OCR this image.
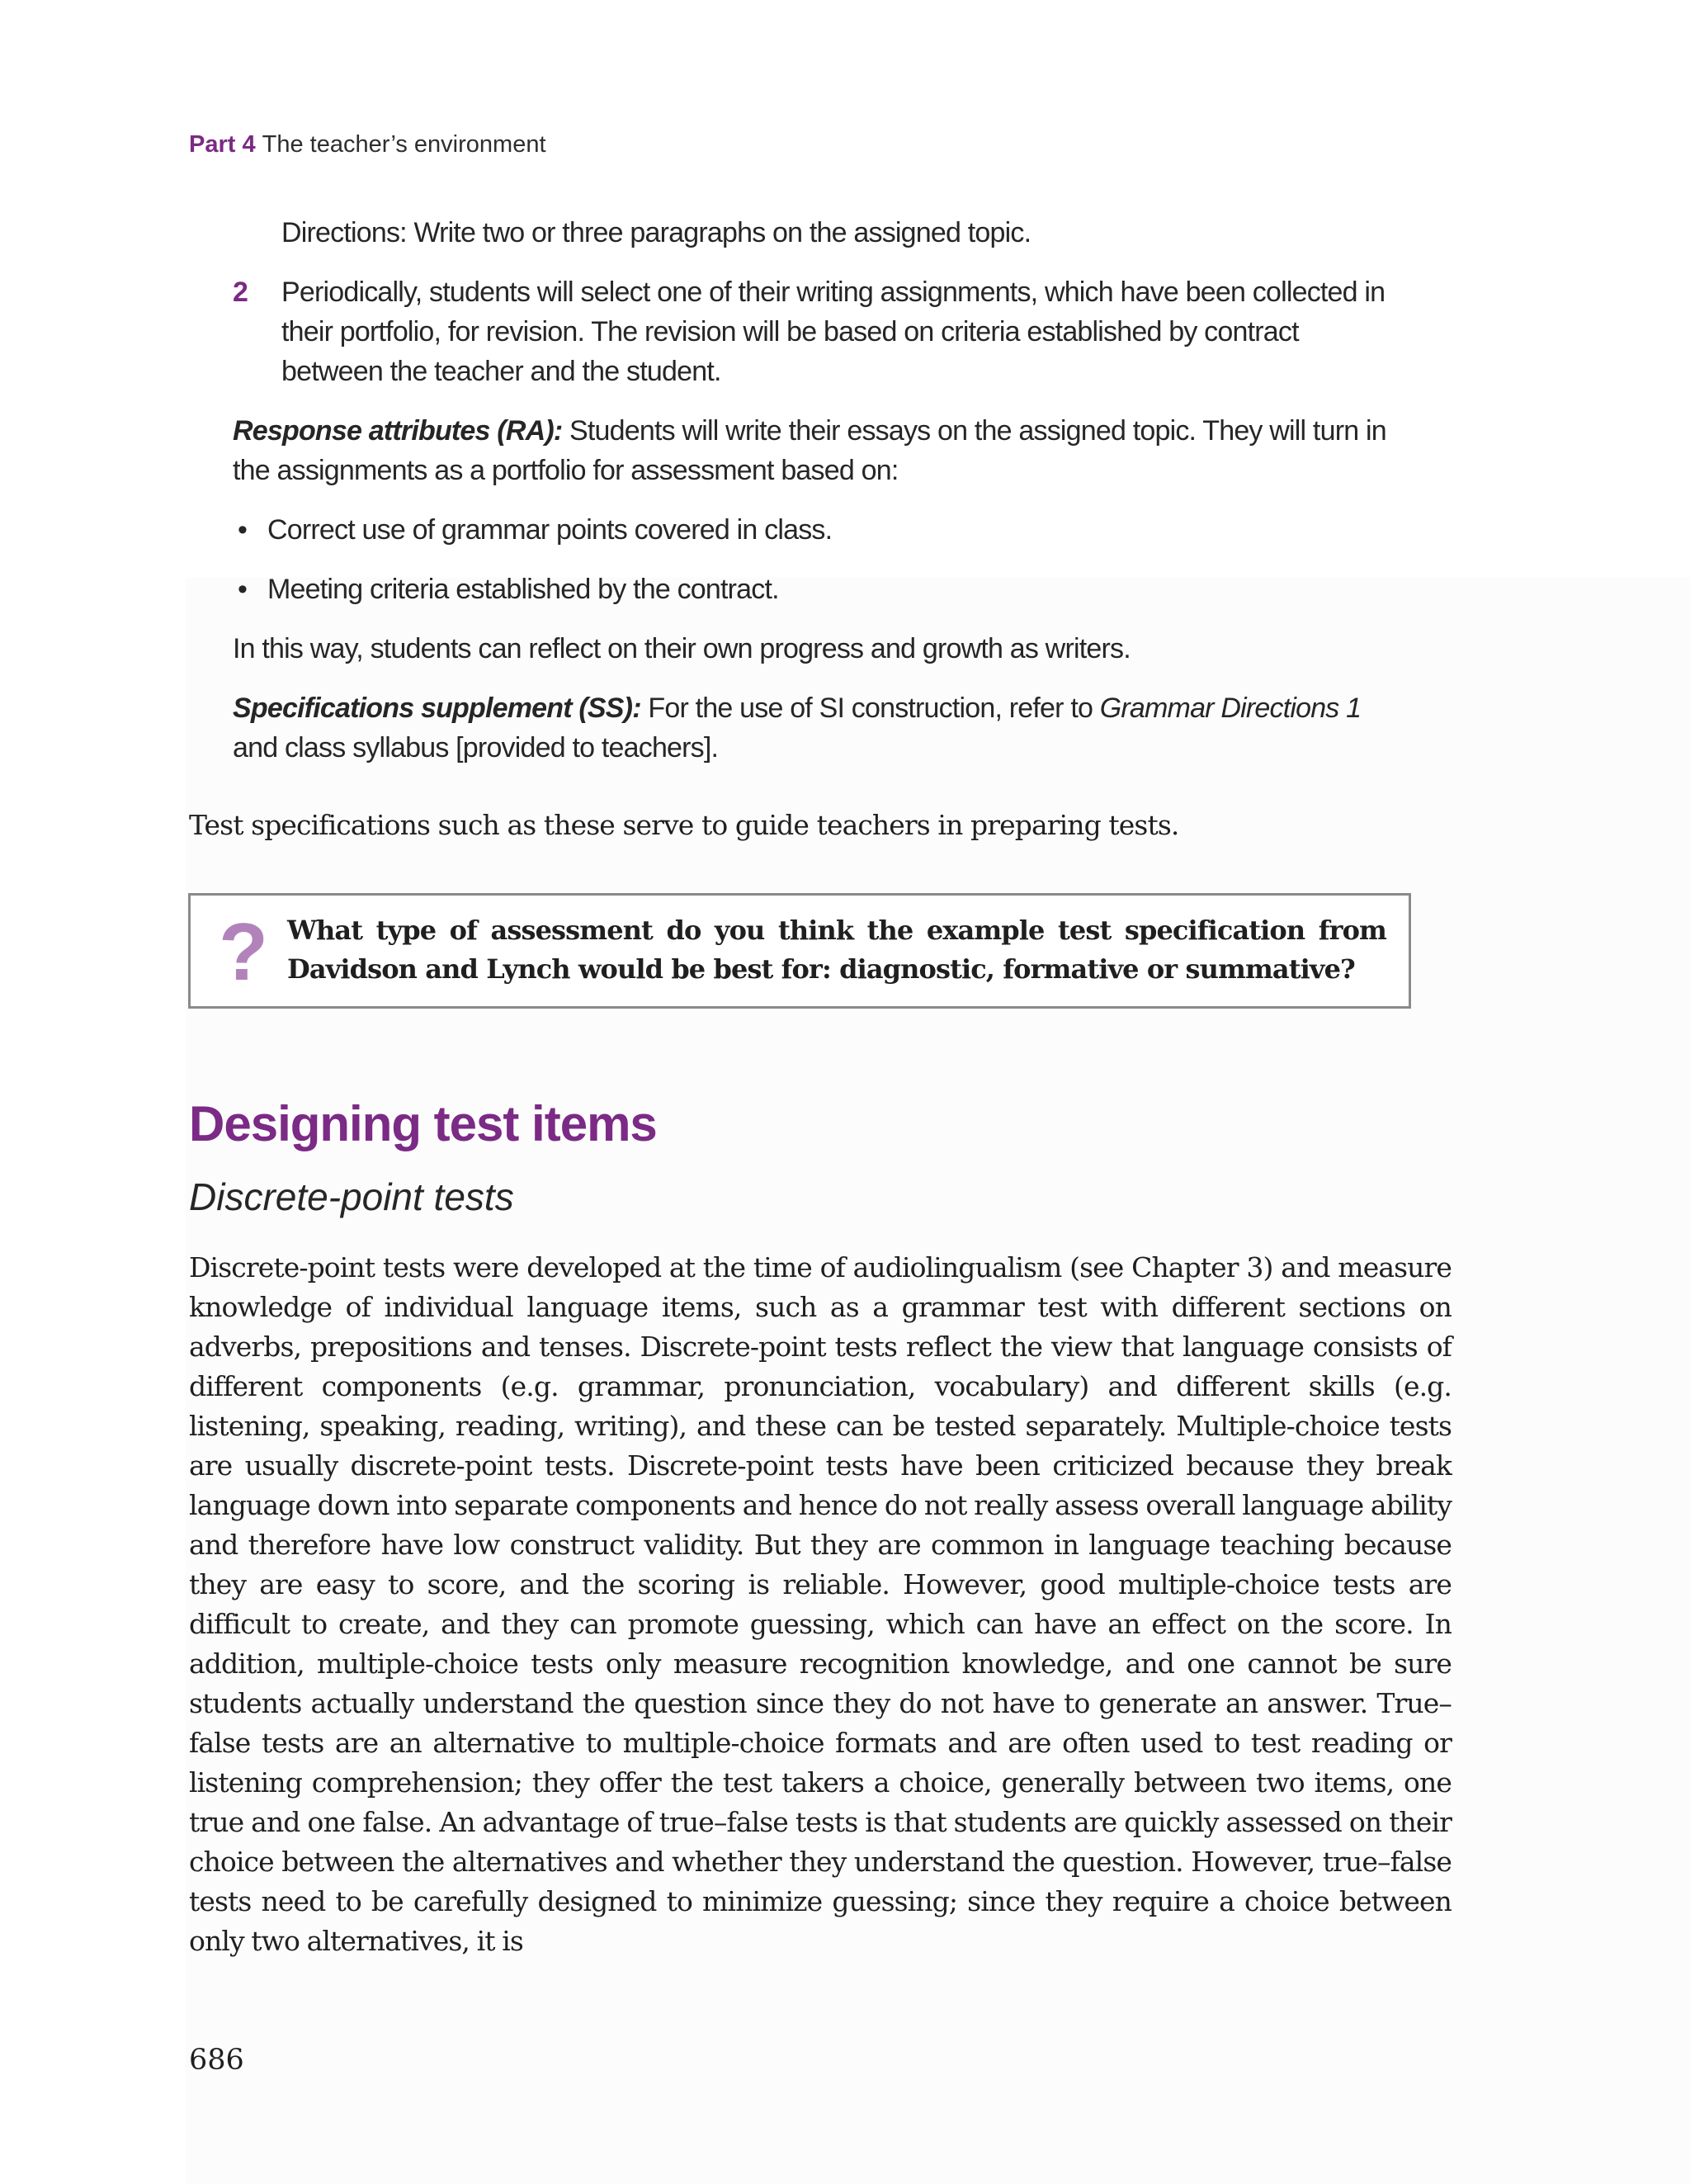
Part 4 The teacher’s environment

Directions: Write two or three paragraphs on the assigned topic.

2 Periodically, students will select one of their writing assignments, which have been collected in their portfolio, for revision. The revision will be based on criteria established by contract between the teacher and the student.

Response attributes (RA): Students will write their essays on the assigned topic. They will turn in the assignments as a portfolio for assessment based on:

• Correct use of grammar points covered in class.
• Meeting criteria established by the contract.

In this way, students can reflect on their own progress and growth as writers.

Specifications supplement (SS): For the use of SI construction, refer to Grammar Directions 1 and class syllabus [provided to teachers].

Test specifications such as these serve to guide teachers in preparing tests.

? What type of assessment do you think the example test specification from Davidson and Lynch would be best for: diagnostic, formative or summative?

Designing test items
Discrete-point tests

Discrete-point tests were developed at the time of audiolingualism (see Chapter 3) and measure knowledge of individual language items, such as a grammar test with different sections on adverbs, prepositions and tenses. Discrete-point tests reflect the view that language consists of different components (e.g. grammar, pronunciation, vocabulary) and different skills (e.g. listening, speaking, reading, writing), and these can be tested separately. Multiple-choice tests are usually discrete-point tests. Discrete-point tests have been criticized because they break language down into separate components and hence do not really assess overall language ability and therefore have low construct validity. But they are common in language teaching because they are easy to score, and the scoring is reliable. However, good multiple-choice tests are difficult to create, and they can promote guessing, which can have an effect on the score. In addition, multiple-choice tests only measure recognition knowledge, and one cannot be sure students actually understand the question since they do not have to generate an answer. True–false tests are an alternative to multiple-choice formats and are often used to test reading or listening comprehension; they offer the test takers a choice, generally between two items, one true and one false. An advantage of true–false tests is that students are quickly assessed on their choice between the alternatives and whether they understand the question. However, true–false tests need to be carefully designed to minimize guessing; since they require a choice between only two alternatives, it is

686
